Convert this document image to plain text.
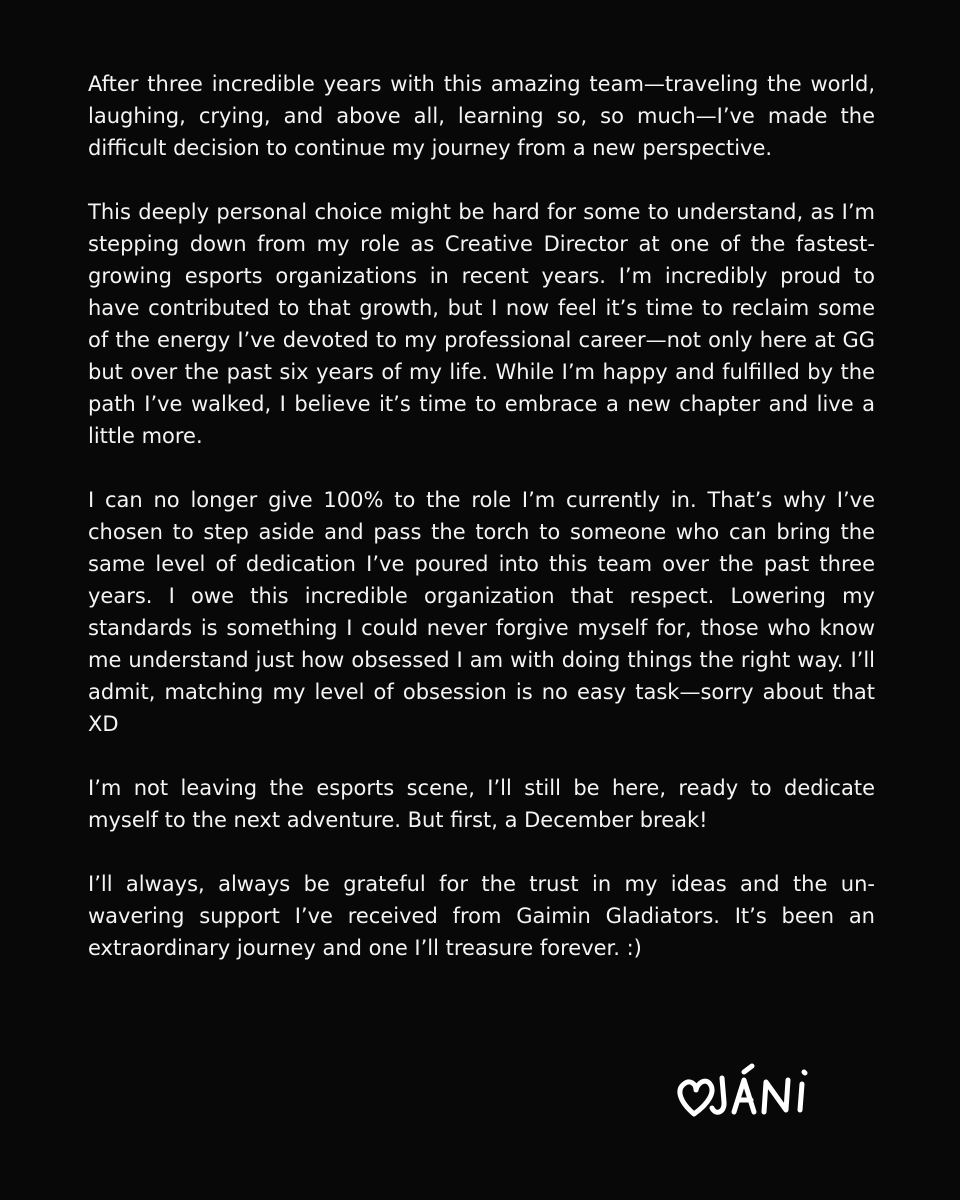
After three incredible years with this amazing team—traveling the world, laughing, crying, and above all, learning so, so much—I’ve made the difficult decision to continue my journey from a new perspective.

This deeply personal choice might be hard for some to understand, as I’m stepping down from my role as Creative Director at one of the fastest-growing esports organizations in recent years. I’m incredibly proud to have contributed to that growth, but I now feel it’s time to reclaim some of the energy I’ve devoted to my professional career—not only here at GG but over the past six years of my life. While I’m happy and fulfilled by the path I’ve walked, I believe it’s time to embrace a new chapter and live a little more.

I can no longer give 100% to the role I’m currently in. That’s why I’ve chosen to step aside and pass the torch to someone who can bring the same level of dedication I’ve poured into this team over the past three years. I owe this incredible organization that respect. Lowering my standards is something I could never forgive myself for, those who know me understand just how obsessed I am with doing things the right way. I’ll admit, matching my level of obsession is no easy task—sorry about that XD

I’m not leaving the esports scene, I’ll still be here, ready to dedicate myself to the next adventure. But first, a December break!

I’ll always, always be grateful for the trust in my ideas and the unwavering support I’ve received from Gaimin Gladiators. It’s been an extraordinary journey and one I’ll treasure forever. :)
